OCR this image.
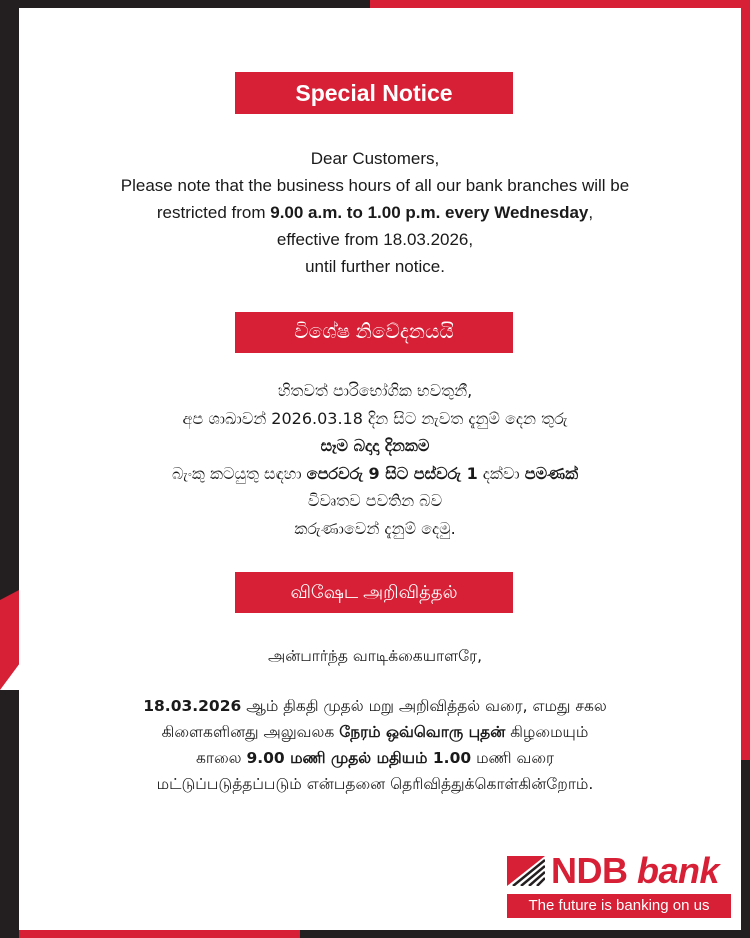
Special Notice
Dear Customers,
Please note that the business hours of all our bank branches will be
restricted from 9.00 a.m. to 1.00 p.m. every Wednesday,
effective from 18.03.2026,
until further notice.
විශේෂ නිවේදනයයි
හිතවත් පාරිභෝගික භවතුනී,
අප ශාඛාවන් 2026.03.18 දින සිට නැවත දැනුම් දෙන තුරු
සෑම බදාදා දිනකම
බැංකු කටයුතු සඳහා පෙරවරු 9 සිට පස්වරු 1 දක්වා පමණක්
විවෘතව පවතින බව
කරුණාවෙන් දැනුම් දෙමු.
விஷேட அறிவித்தல்
அன்பார்ந்த வாடிக்கையாளரே,
18.03.2026 ஆம் திகதி முதல் மறு அறிவித்தல் வரை, எமது சகல
கிளைகளினது அலுவலக நேரம் ஒவ்வொரு புதன் கிழமையும்
காலை 9.00 மணி முதல் மதியம் 1.00 மணி வரை
மட்டுப்படுத்தப்படும் என்பதனை தெரிவித்துக்கொள்கின்றோம்.
NDB bank
The future is banking on us
